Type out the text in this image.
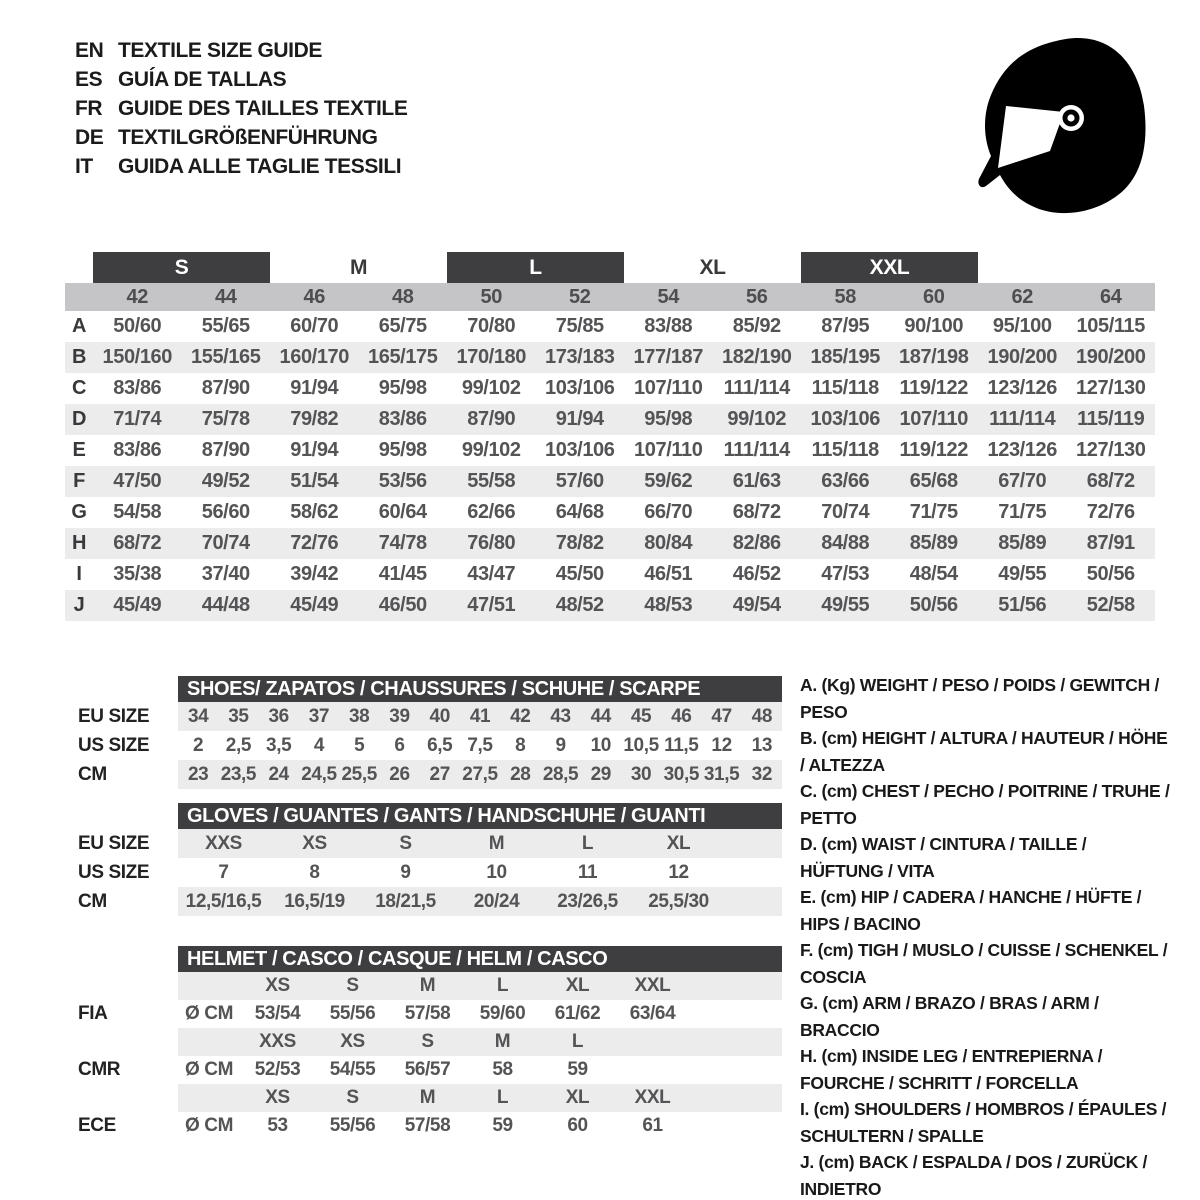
EN TEXTILE SIZE GUIDE
ES GUÍA DE TALLAS
FR GUIDE DES TAILLES TEXTILE
DE TEXTILGRÖßENFÜHRUNG
IT	GUIDA ALLE TAGLIE TESSILI
S	M	L	XL	XXL
42	44	46	48	50	52	54	56	58	60	62	64
A	50/60	55/65	60/70	65/75	70/80	75/85	83/88	85/92	87/95	90/100	95/100	105/115
B 150/160 155/165 160/170 165/175 170/180 173/183 177/187 182/190 185/195 187/198 190/200 190/200
C	83/86	87/90	91/94	95/98	99/102	103/106 107/110	111/114	115/118	119/122 123/126 127/130
D	71/74	75/78	79/82	83/86	87/90	91/94	95/98	99/102	103/106 107/110	111/114	115/119
E	83/86	87/90	91/94	95/98	99/102	103/106 107/110	111/114	115/118	119/122 123/126 127/130
F	47/50	49/52	51/54	53/56	55/58	57/60	59/62	61/63	63/66	65/68	67/70	68/72
G	54/58	56/60	58/62	60/64	62/66	64/68	66/70	68/72	70/74	71/75	71/75	72/76
H	68/72	70/74	72/76	74/78	76/80	78/82	80/84	82/86	84/88	85/89	85/89	87/91
I	35/38	37/40	39/42	41/45	43/47	45/50	46/51	46/52	47/53	48/54	49/55	50/56
J	45/49	44/48	45/49	46/50	47/51	48/52	48/53	49/54	49/55	50/56	51/56	52/58
SHOES/ ZAPATOS / CHAUSSURES / SCHUHE / SCARPE
EU SIZE	34	35	36	37	38	39	40	41	42	43	44	45	46	47	48
US SIZE	2	2,5 3,5	4	5	6	6,5 7,5	8	9	10 10,5 11,5 12	13
CM	23 23,5 24 24,5 25,5 26	27 27,5 28 28,5 29	30 30,5 31,5 32
GLOVES / GUANTES / GANTS / HANDSCHUHE / GUANTI
EU SIZE	XXS	XS	S	M	L	XL
US SIZE	7	8	9	10	11	12
CM	12,5/16,5	16,5/19	18/21,5	20/24	23/26,5	25,5/30
HELMET / CASCO / CASQUE / HELM / CASCO
XS	S	M	L	XL	XXL
FIA	Ø CM	53/54	55/56	57/58	59/60	61/62	63/64
XXS	XS	S	M	L
CMR	Ø CM	52/53	54/55	56/57	58	59
XS	S	M	L	XL	XXL
ECE	Ø CM	53	55/56	57/58	59	60	61
A. (Kg) WEIGHT / PESO / POIDS / GEWITCH / PESO
B. (cm) HEIGHT / ALTURA / HAUTEUR / HÖHE / ALTEZZA
C. (cm) CHEST / PECHO / POITRINE / TRUHE / PETTO
D. (cm) WAIST / CINTURA / TAILLE / HÜFTUNG / VITA
E. (cm) HIP / CADERA / HANCHE / HÜFTE / HIPS / BACINO
F. (cm) TIGH / MUSLO / CUISSE / SCHENKEL / COSCIA
G. (cm) ARM / BRAZO / BRAS / ARM / BRACCIO
H. (cm) INSIDE LEG / ENTREPIERNA / FOURCHE / SCHRITT / FORCELLA
I. (cm) SHOULDERS / HOMBROS / ÉPAULES / SCHULTERN / SPALLE
J. (cm) BACK / ESPALDA / DOS / ZURÜCK / INDIETRO
